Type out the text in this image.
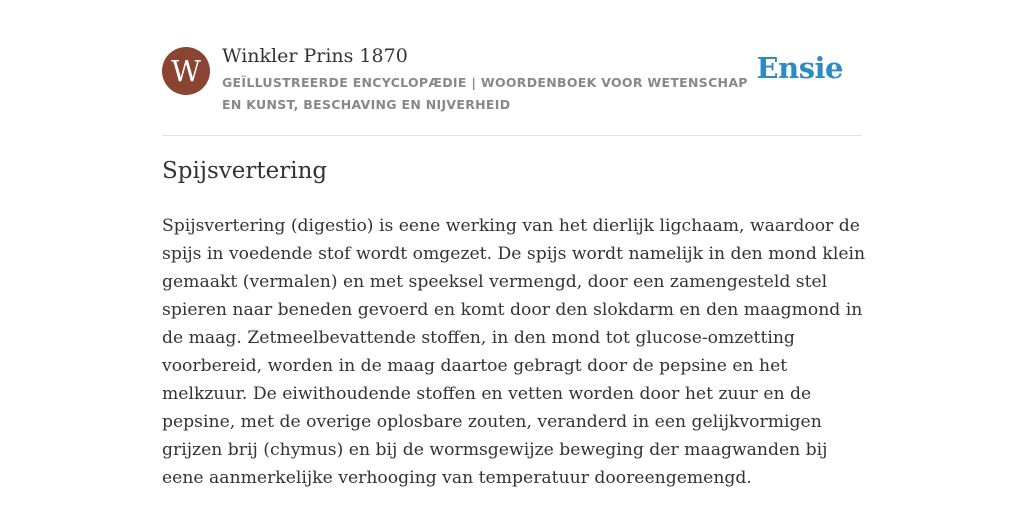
W	Winkler Prins 1870
GEÏLLUSTREERDE ENCYCLOPÆDIE | WOORDENBOEK VOOR WETENSCHAP EN KUNST, BESCHAVING EN NIJVERHEID
Ensie
Spijsvertering

Spijsvertering (digestio) is eene werking van het dierlijk ligchaam, waardoor de spijs in voedende stof wordt omgezet. De spijs wordt namelijk in den mond klein gemaakt (vermalen) en met speeksel vermengd, door een zamengesteld stel spieren naar beneden gevoerd en komt door den slokdarm en den maagmond in de maag. Zetmeelbevattende stoffen, in den mond tot glucose-omzetting voorbereid, worden in de maag daartoe gebragt door de pepsine en het melkzuur. De eiwithoudende stoffen en vetten worden door het zuur en de pepsine, met de overige oplosbare zouten, veranderd in een gelijkvormigen grijzen brij (chymus) en bij de wormsgewijze beweging der maagwanden bij eene aanmerkelijke verhooging van temperatuur dooreengemengd.
